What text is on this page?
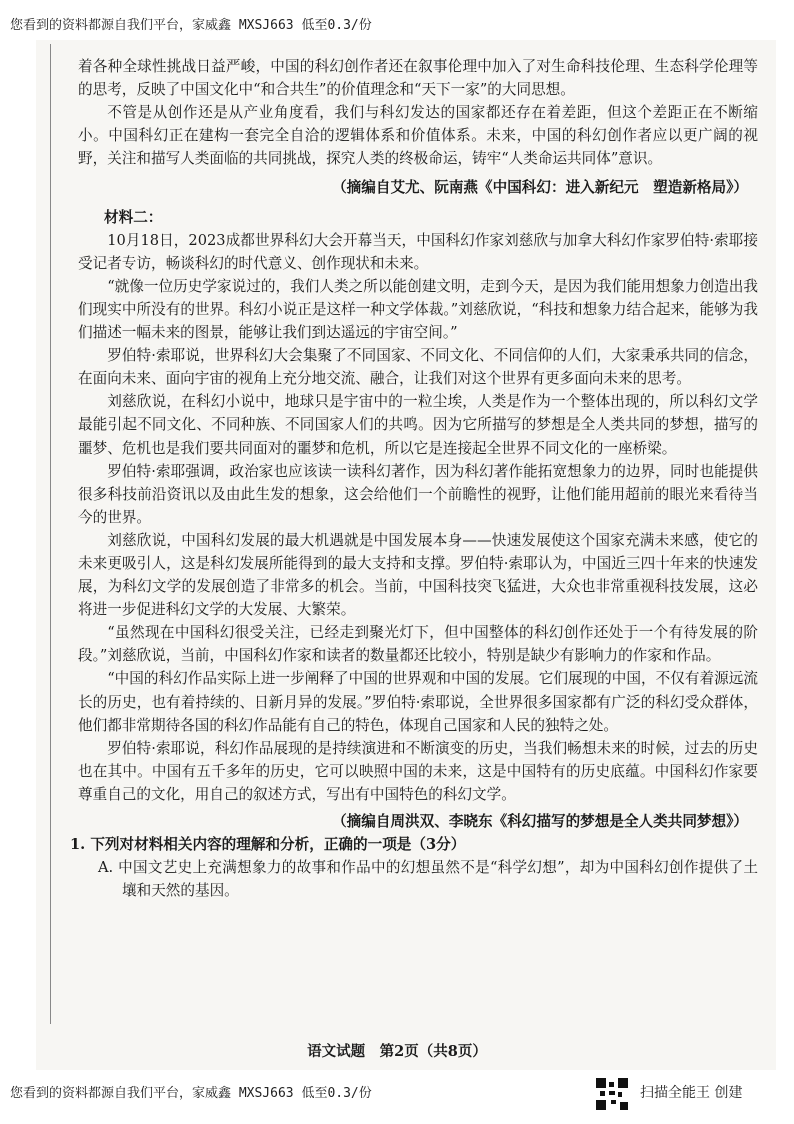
您看到的资料都源自我们平台，家威鑫 MXSJ663 低至0.3/份

着各种全球性挑战日益严峻，中国的科幻创作者还在叙事伦理中加入了对生命科技伦理、生态科学伦理等的思考，反映了中国文化中“和合共生”的价值理念和“天下一家”的大同思想。

不管是从创作还是从产业角度看，我们与科幻发达的国家都还存在着差距，但这个差距正在不断缩小。中国科幻正在建构一套完全自洽的逻辑体系和价值体系。未来，中国的科幻创作者应以更广阔的视野，关注和描写人类面临的共同挑战，探究人类的终极命运，铸牢“人类命运共同体”意识。

（摘编自艾尤、阮南燕《中国科幻：进入新纪元　塑造新格局》）

材料二：

10月18日，2023成都世界科幻大会开幕当天，中国科幻作家刘慈欣与加拿大科幻作家罗伯特·索耶接受记者专访，畅谈科幻的时代意义、创作现状和未来。

“就像一位历史学家说过的，我们人类之所以能创建文明，走到今天，是因为我们能用想象力创造出我们现实中所没有的世界。科幻小说正是这样一种文学体裁。”刘慈欣说，“科技和想象力结合起来，能够为我们描述一幅未来的图景，能够让我们到达遥远的宇宙空间。”

罗伯特·索耶说，世界科幻大会集聚了不同国家、不同文化、不同信仰的人们，大家秉承共同的信念，在面向未来、面向宇宙的视角上充分地交流、融合，让我们对这个世界有更多面向未来的思考。

刘慈欣说，在科幻小说中，地球只是宇宙中的一粒尘埃，人类是作为一个整体出现的，所以科幻文学最能引起不同文化、不同种族、不同国家人们的共鸣。因为它所描写的梦想是全人类共同的梦想，描写的噩梦、危机也是我们要共同面对的噩梦和危机，所以它是连接起全世界不同文化的一座桥梁。

罗伯特·索耶强调，政治家也应该读一读科幻著作，因为科幻著作能拓宽想象力的边界，同时也能提供很多科技前沿资讯以及由此生发的想象，这会给他们一个前瞻性的视野，让他们能用超前的眼光来看待当今的世界。

刘慈欣说，中国科幻发展的最大机遇就是中国发展本身——快速发展使这个国家充满未来感，使它的未来更吸引人，这是科幻发展所能得到的最大支持和支撑。罗伯特·索耶认为，中国近三四十年来的快速发展，为科幻文学的发展创造了非常多的机会。当前，中国科技突飞猛进，大众也非常重视科技发展，这必将进一步促进科幻文学的大发展、大繁荣。

“虽然现在中国科幻很受关注，已经走到聚光灯下，但中国整体的科幻创作还处于一个有待发展的阶段。”刘慈欣说，当前，中国科幻作家和读者的数量都还比较小，特别是缺少有影响力的作家和作品。

“中国的科幻作品实际上进一步阐释了中国的世界观和中国的发展。它们展现的中国，不仅有着源远流长的历史，也有着持续的、日新月异的发展。”罗伯特·索耶说，全世界很多国家都有广泛的科幻受众群体，他们都非常期待各国的科幻作品能有自己的特色，体现自己国家和人民的独特之处。

罗伯特·索耶说，科幻作品展现的是持续演进和不断演变的历史，当我们畅想未来的时候，过去的历史也在其中。中国有五千多年的历史，它可以映照中国的未来，这是中国特有的历史底蕴。中国科幻作家要尊重自己的文化，用自己的叙述方式，写出有中国特色的科幻文学。

（摘编自周洪双、李晓东《科幻描写的梦想是全人类共同梦想》）

1. 下列对材料相关内容的理解和分析，正确的一项是（3分）

A. 中国文艺史上充满想象力的故事和作品中的幻想虽然不是“科学幻想”，却为中国科幻创作提供了土壤和天然的基因。

语文试题　第2页（共8页）
您看到的资料都源自我们平台，家威鑫 MXSJ663 低至0.3/份	扫描全能王 创建
